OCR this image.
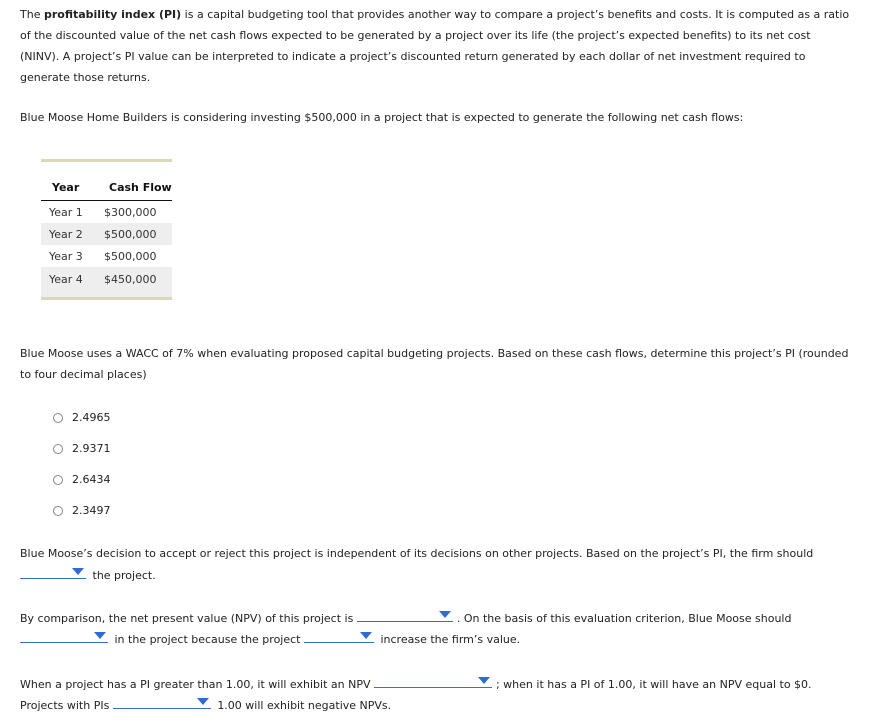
The profitability index (PI) is a capital budgeting tool that provides another way to compare a project’s benefits and costs. It is computed as a ratio of the discounted value of the net cash flows expected to be generated by a project over its life (the project’s expected benefits) to its net cost (NINV). A project’s PI value can be interpreted to indicate a project’s discounted return generated by each dollar of net investment required to generate those returns.

Blue Moose Home Builders is considering investing $500,000 in a project that is expected to generate the following net cash flows:

Year	Cash Flow
Year 1	$300,000
Year 2	$500,000
Year 3	$500,000
Year 4	$450,000

Blue Moose uses a WACC of 7% when evaluating proposed capital budgeting projects. Based on these cash flows, determine this project’s PI (rounded to four decimal places)

2.4965
2.9371
2.6434
2.3497
Blue Moose’s decision to accept or reject this project is independent of its decisions on other projects. Based on the project’s PI, the firm should
the project.
By comparison, the net present value (NPV) of this project is	. On the basis of this evaluation criterion, Blue Moose should
in the project because the project	increase the firm’s value.
When a project has a PI greater than 1.00, it will exhibit an NPV	; when it has a PI of 1.00, it will have an NPV equal to $0.
Projects with PIs	1.00 will exhibit negative NPVs.
